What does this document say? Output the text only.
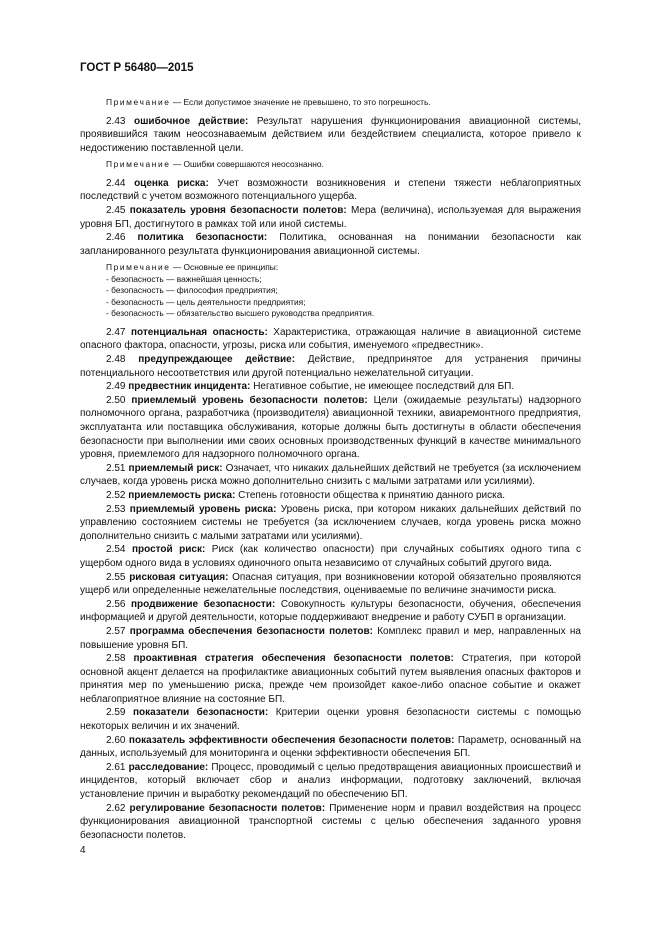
ГОСТ Р 56480—2015
Примечание — Если допустимое значение не превышено, то это погрешность.

2.43 ошибочное действие: Результат нарушения функционирования авиационной системы, проявившийся таким неосознаваемым действием или бездействием специалиста, которое привело к недостижению поставленной цели.

Примечание — Ошибки совершаются неосознанно.

2.44 оценка риска: Учет возможности возникновения и степени тяжести неблагоприятных последствий с учетом возможного потенциального ущерба.

2.45 показатель уровня безопасности полетов: Мера (величина), используемая для выражения уровня БП, достигнутого в рамках той или иной системы.

2.46 политика безопасности: Политика, основанная на понимании безопасности как запланированного результата функционирования авиационной системы.

Примечание — Основные ее принципы:
- безопасность — важнейшая ценность;
- безопасность — философия предприятия;
- безопасность — цель деятельности предприятия;
- безопасность — обязательство высшего руководства предприятия.

2.47 потенциальная опасность: Характеристика, отражающая наличие в авиационной системе опасного фактора, опасности, угрозы, риска или события, именуемого «предвестник».

2.48 предупреждающее действие: Действие, предпринятое для устранения причины потенциального несоответствия или другой потенциально нежелательной ситуации.

2.49 предвестник инцидента: Негативное событие, не имеющее последствий для БП.

2.50 приемлемый уровень безопасности полетов: Цели (ожидаемые результаты) надзорного полномочного органа, разработчика (производителя) авиационной техники, авиаремонтного предприятия, эксплуатанта или поставщика обслуживания, которые должны быть достигнуты в области обеспечения безопасности при выполнении ими своих основных производственных функций в качестве минимального уровня, приемлемого для надзорного полномочного органа.

2.51 приемлемый риск: Означает, что никаких дальнейших действий не требуется (за исключением случаев, когда уровень риска можно дополнительно снизить с малыми затратами или усилиями).

2.52 приемлемость риска: Степень готовности общества к принятию данного риска.

2.53 приемлемый уровень риска: Уровень риска, при котором никаких дальнейших действий по управлению состоянием системы не требуется (за исключением случаев, когда уровень риска можно дополнительно снизить с малыми затратами или усилиями).

2.54 простой риск: Риск (как количество опасности) при случайных событиях одного типа с ущербом одного вида в условиях одиночного опыта независимо от случайных событий другого вида.

2.55 рисковая ситуация: Опасная ситуация, при возникновении которой обязательно проявляются ущерб или определенные нежелательные последствия, оцениваемые по величине значимости риска.

2.56 продвижение безопасности: Совокупность культуры безопасности, обучения, обеспечения информацией и другой деятельности, которые поддерживают внедрение и работу СУБП в организации.

2.57 программа обеспечения безопасности полетов: Комплекс правил и мер, направленных на повышение уровня БП.

2.58 проактивная стратегия обеспечения безопасности полетов: Стратегия, при которой основной акцент делается на профилактике авиационных событий путем выявления опасных факторов и принятия мер по уменьшению риска, прежде чем произойдет какое-либо опасное событие и окажет неблагоприятное влияние на состояние БП.

2.59 показатели безопасности: Критерии оценки уровня безопасности системы с помощью некоторых величин и их значений.

2.60 показатель эффективности обеспечения безопасности полетов: Параметр, основанный на данных, используемый для мониторинга и оценки эффективности обеспечения БП.

2.61 расследование: Процесс, проводимый с целью предотвращения авиационных происшествий и инцидентов, который включает сбор и анализ информации, подготовку заключений, включая установление причин и выработку рекомендаций по обеспечению БП.

2.62 регулирование безопасности полетов: Применение норм и правил воздействия на процесс функционирования авиационной транспортной системы с целью обеспечения заданного уровня безопасности полетов.

4
